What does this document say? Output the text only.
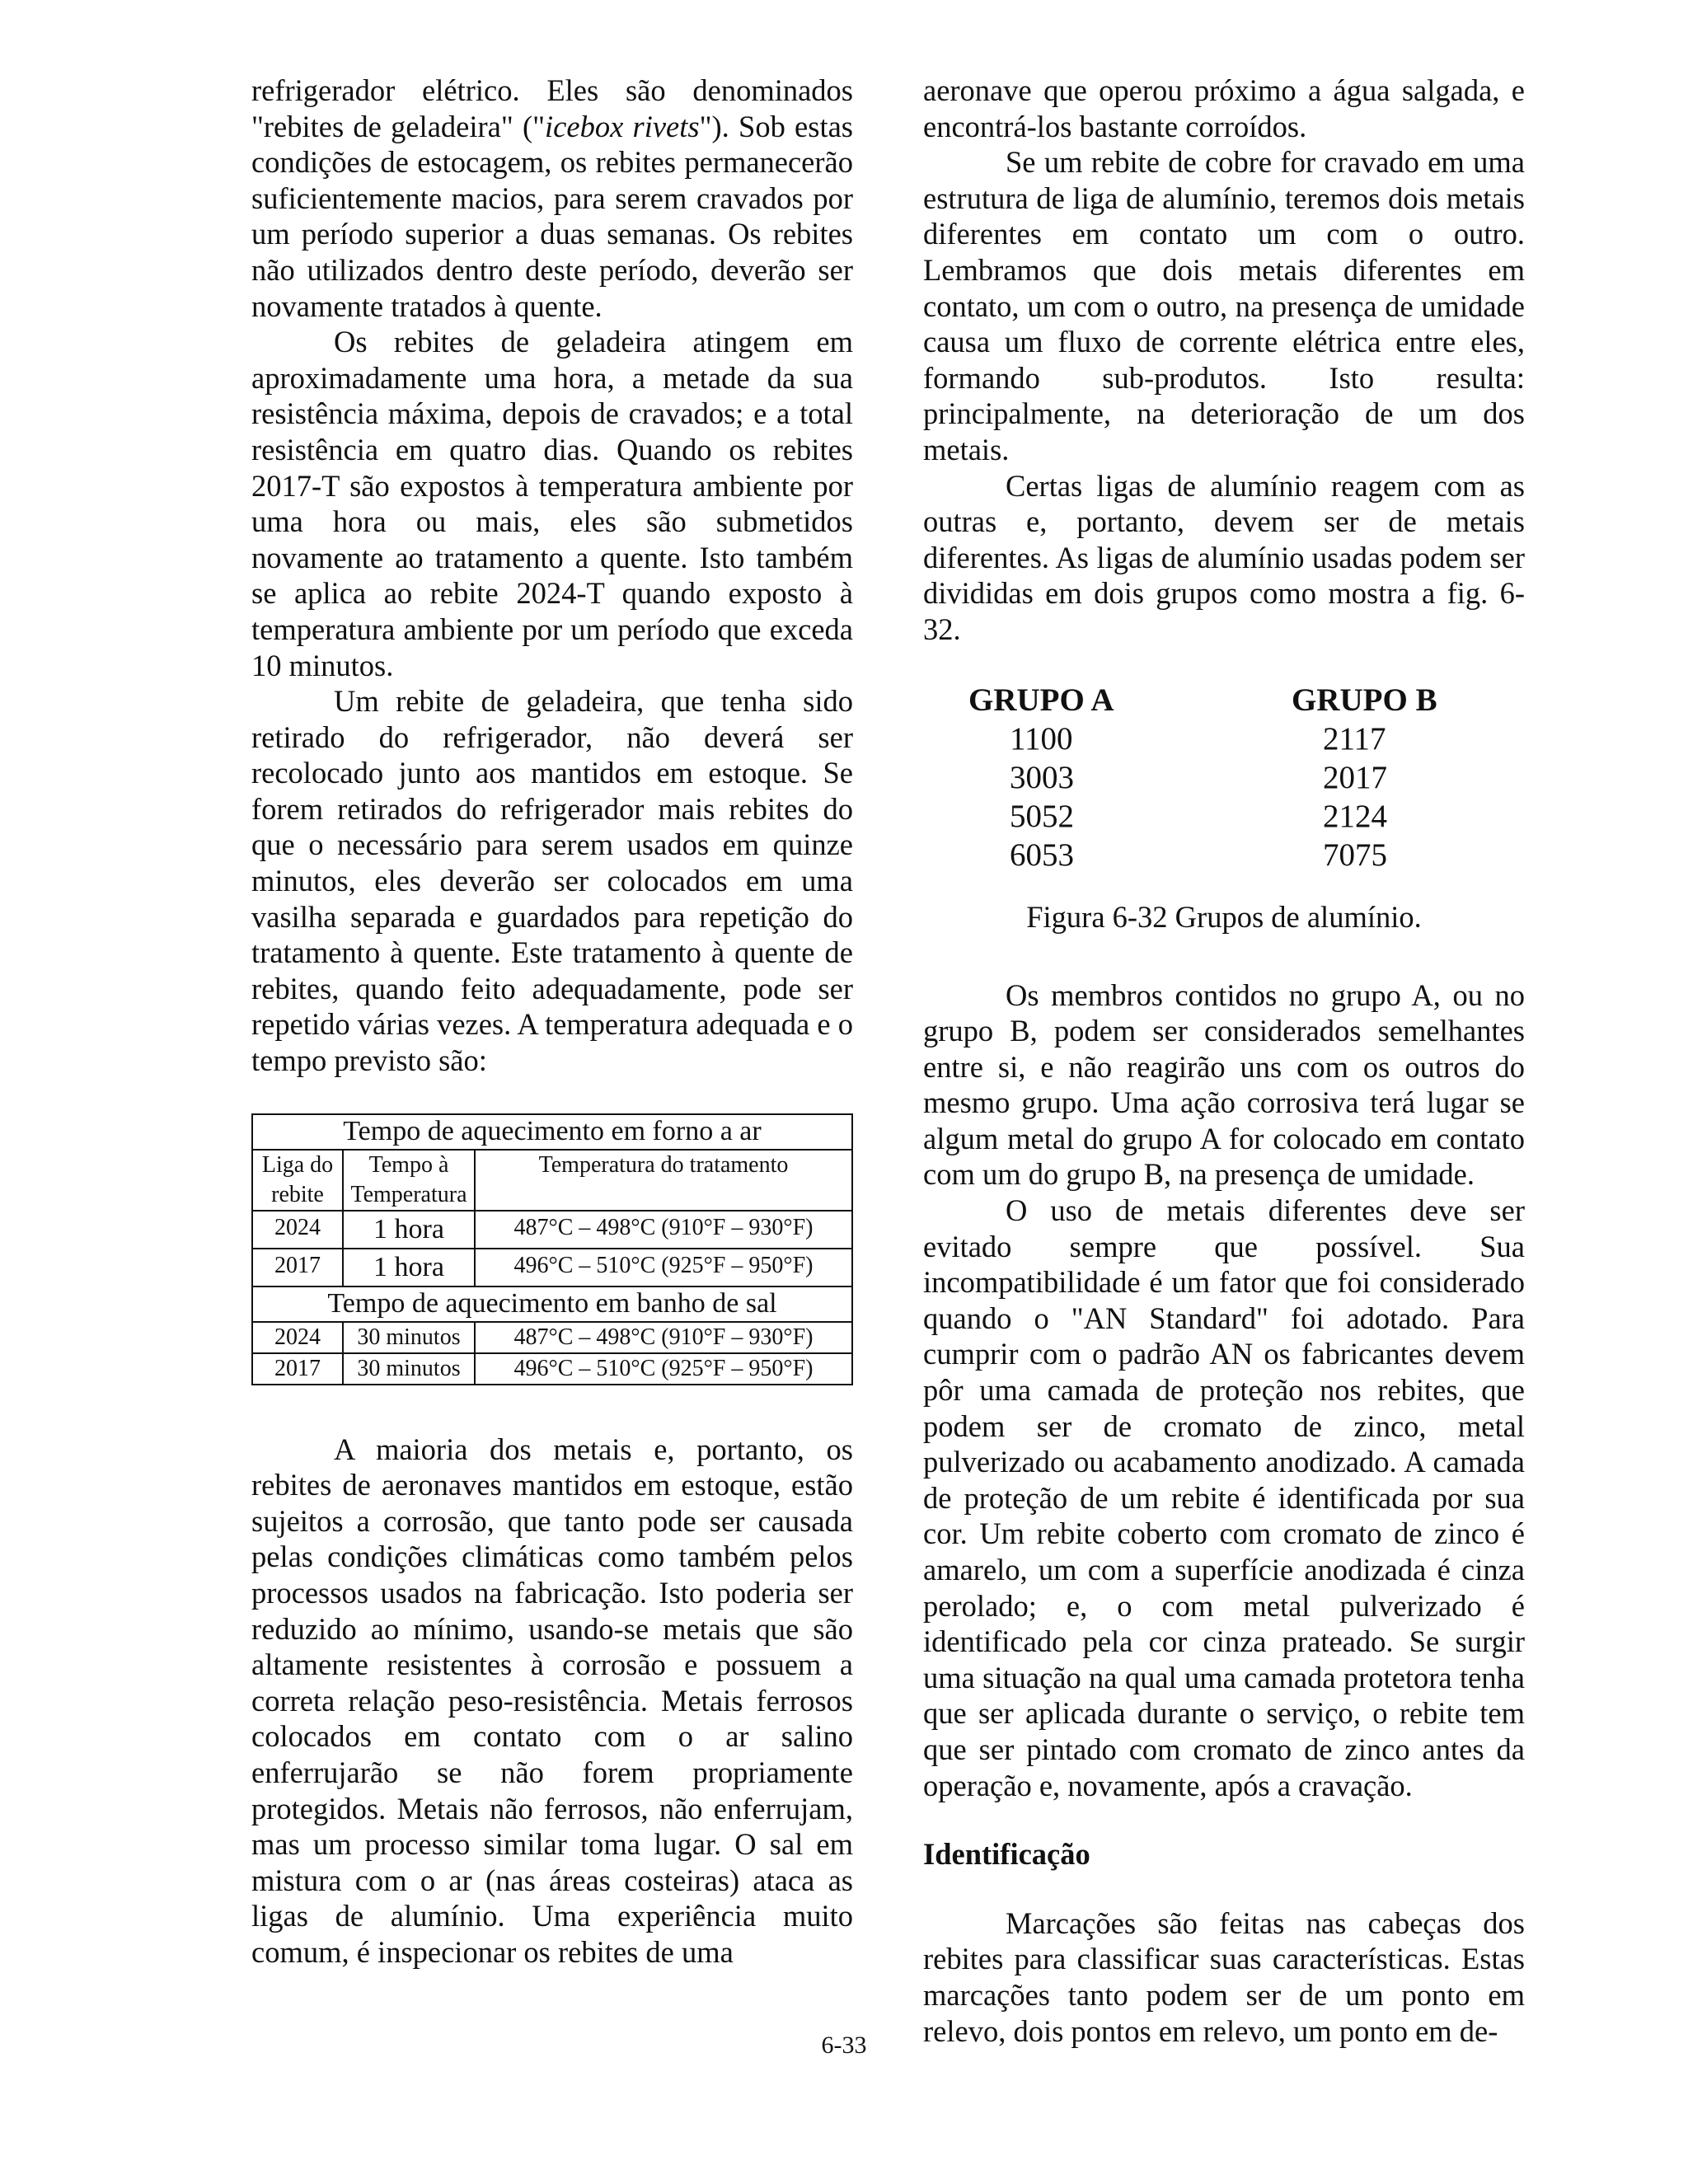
refrigerador elétrico. Eles são denominados "rebites de geladeira" ("icebox rivets"). Sob estas condições de estocagem, os rebites permanecerão suficientemente macios, para serem cravados por um período superior a duas semanas. Os rebites não utilizados dentro deste período, deverão ser novamente tratados à quente.

Os rebites de geladeira atingem em aproximadamente uma hora, a metade da sua resistência máxima, depois de cravados; e a total resistência em quatro dias. Quando os rebites 2017-T são expostos à temperatura ambiente por uma hora ou mais, eles são submetidos novamente ao tratamento a quente. Isto também se aplica ao rebite 2024-T quando exposto à temperatura ambiente por um período que exceda 10 minutos.

Um rebite de geladeira, que tenha sido retirado do refrigerador, não deverá ser recolocado junto aos mantidos em estoque. Se forem retirados do refrigerador mais rebites do que o necessário para serem usados em quinze minutos, eles deverão ser colocados em uma vasilha separada e guardados para repetição do tratamento à quente. Este tratamento à quente de rebites, quando feito adequadamente, pode ser repetido várias vezes. A temperatura adequada e o tempo previsto são:

Tempo de aquecimento em forno a ar		
Liga do rebite	Tempo à Temperatura	Temperatura do tratamento
2024	1 hora	487°C – 498°C (910°F – 930°F)
2017	1 hora	496°C – 510°C (925°F – 950°F)
Tempo de aquecimento em banho de sal		
2024	30 minutos	487°C – 498°C (910°F – 930°F)
2017	30 minutos	496°C – 510°C (925°F – 950°F)

A maioria dos metais e, portanto, os rebites de aeronaves mantidos em estoque, estão sujeitos a corrosão, que tanto pode ser causada pelas condições climáticas como também pelos processos usados na fabricação. Isto poderia ser reduzido ao mínimo, usando-se metais que são altamente resistentes à corrosão e possuem a correta relação peso-resistência. Metais ferrosos colocados em contato com o ar salino enferrujarão se não forem propriamente protegidos. Metais não ferrosos, não enferrujam, mas um processo similar toma lugar. O sal em mistura com o ar (nas áreas costeiras) ataca as ligas de alumínio. Uma experiência muito comum, é inspecionar os rebites de uma

aeronave que operou próximo a água salgada, e encontrá-los bastante corroídos.

Se um rebite de cobre for cravado em uma estrutura de liga de alumínio, teremos dois metais diferentes em contato um com o outro. Lembramos que dois metais diferentes em contato, um com o outro, na presença de umidade causa um fluxo de corrente elétrica entre eles, formando sub-produtos. Isto resulta: principalmente, na deterioração de um dos metais.

Certas ligas de alumínio reagem com as outras e, portanto, devem ser de metais diferentes. As ligas de alumínio usadas podem ser divididas em dois grupos como mostra a fig. 6-32.

GRUPO A	GRUPO B
1100	2117
3003	2017
5052	2124
6053	7075

Figura 6-32 Grupos de alumínio.

Os membros contidos no grupo A, ou no grupo B, podem ser considerados semelhantes entre si, e não reagirão uns com os outros do mesmo grupo. Uma ação corrosiva terá lugar se algum metal do grupo A for colocado em contato com um do grupo B, na presença de umidade.

O uso de metais diferentes deve ser evitado sempre que possível. Sua incompatibilidade é um fator que foi considerado quando o "AN Standard" foi adotado. Para cumprir com o padrão AN os fabricantes devem pôr uma camada de proteção nos rebites, que podem ser de cromato de zinco, metal pulverizado ou acabamento anodizado. A camada de proteção de um rebite é identificada por sua cor. Um rebite coberto com cromato de zinco é amarelo, um com a superfície anodizada é cinza perolado; e, o com metal pulverizado é identificado pela cor cinza prateado. Se surgir uma situação na qual uma camada protetora tenha que ser aplicada durante o serviço, o rebite tem que ser pintado com cromato de zinco antes da operação e, novamente, após a cravação.

Identificação

Marcações são feitas nas cabeças dos rebites para classificar suas características. Estas marcações tanto podem ser de um ponto em relevo, dois pontos em relevo, um ponto em de-

6-33
